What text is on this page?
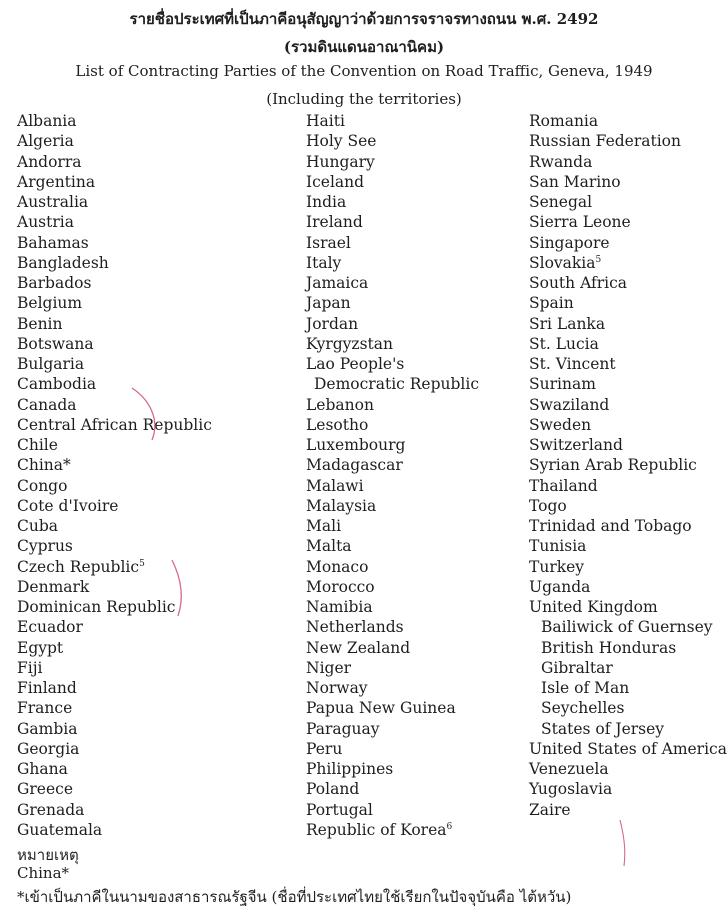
รายชื่อประเทศที่เป็นภาคีอนุสัญญาว่าด้วยการจราจรทางถนน พ.ศ. 2492
(รวมดินแดนอาณานิคม)
List of Contracting Parties of the Convention on Road Traffic, Geneva, 1949
(Including the territories)
Albania
Algeria
Andorra
Argentina
Australia
Austria
Bahamas
Bangladesh
Barbados
Belgium
Benin
Botswana
Bulgaria
Cambodia
Canada
Central African Republic
Chile
China*
Congo
Cote d'Ivoire
Cuba
Cyprus
Czech Republic$^5$
Denmark
Dominican Republic
Ecuador
Egypt
Fiji
Finland
France
Gambia
Georgia
Ghana
Greece
Grenada
Guatemala
Haiti
Holy See
Hungary
Iceland
India
Ireland
Israel
Italy
Jamaica
Japan
Jordan
Kyrgyzstan
Lao People's
Democratic Republic
Lebanon
Lesotho
Luxembourg
Madagascar
Malawi
Malaysia
Mali
Malta
Monaco
Morocco
Namibia
Netherlands
New Zealand
Niger
Norway
Papua New Guinea
Paraguay
Peru
Philippines
Poland
Portugal
Republic of Korea$^6$
Romania
Russian Federation
Rwanda
San Marino
Senegal
Sierra Leone
Singapore
Slovakia$^5$
South Africa
Spain
Sri Lanka
St. Lucia
St. Vincent
Surinam
Swaziland
Sweden
Switzerland
Syrian Arab Republic
Thailand
Togo
Trinidad and Tobago
Tunisia
Turkey
Uganda
United Kingdom
Bailiwick of Guernsey
British Honduras
Gibraltar
Isle of Man
Seychelles
States of Jersey
United States of America
Venezuela
Yugoslavia
Zaire
หมายเหตุ
China*
*เข้าเป็นภาคีในนามของสาธารณรัฐจีน (ชื่อที่ประเทศไทยใช้เรียกในปัจจุบันคือ ไต้หวัน)
